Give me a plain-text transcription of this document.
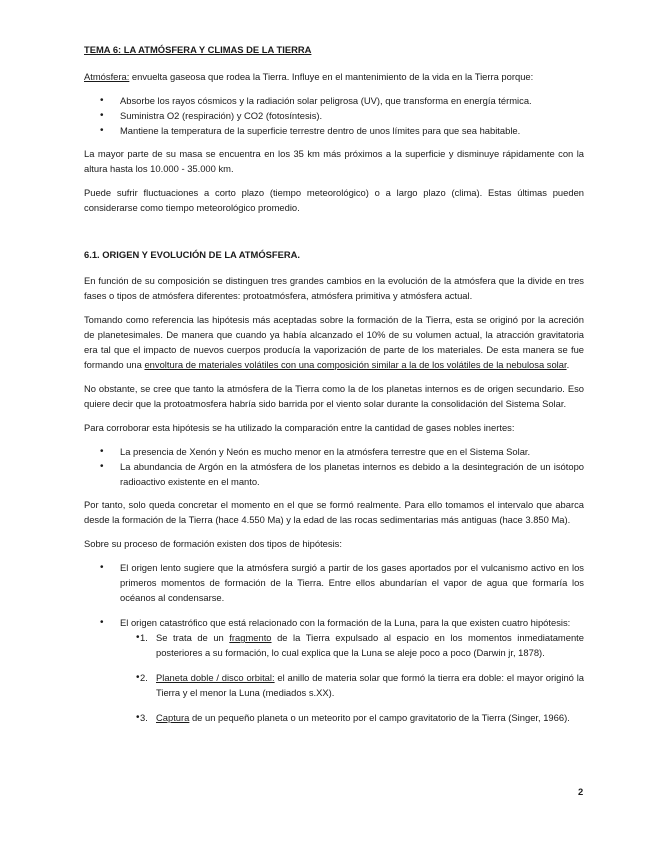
TEMA 6: LA ATMÓSFERA Y CLIMAS DE LA TIERRA

Atmósfera: envuelta gaseosa que rodea la Tierra. Influye en el mantenimiento de la vida en la Tierra porque:

• Absorbe los rayos cósmicos y la radiación solar peligrosa (UV), que transforma en energía térmica.
• Suministra O2 (respiración) y CO2 (fotosíntesis).
• Mantiene la temperatura de la superficie terrestre dentro de unos límites para que sea habitable.

La mayor parte de su masa se encuentra en los 35 km más próximos a la superficie y disminuye rápidamente con la altura hasta los 10.000 - 35.000 km.

Puede sufrir fluctuaciones a corto plazo (tiempo meteorológico) o a largo plazo (clima). Estas últimas pueden considerarse como tiempo meteorológico promedio.

6.1. ORIGEN Y EVOLUCIÓN DE LA ATMÓSFERA.

En función de su composición se distinguen tres grandes cambios en la evolución de la atmósfera que la divide en tres fases o tipos de atmósfera diferentes: protoatmósfera, atmósfera primitiva y atmósfera actual.

Tomando como referencia las hipótesis más aceptadas sobre la formación de la Tierra, esta se originó por la acreción de planetesimales. De manera que cuando ya había alcanzado el 10% de su volumen actual, la atracción gravitatoria era tal que el impacto de nuevos cuerpos producía la vaporización de parte de los materiales. De esta manera se fue formando una envoltura de materiales volátiles con una composición similar a la de los volátiles de la nebulosa solar.

No obstante, se cree que tanto la atmósfera de la Tierra como la de los planetas internos es de origen secundario. Eso quiere decir que la protoatmosfera habría sido barrida por el viento solar durante la consolidación del Sistema Solar.

Para corroborar esta hipótesis se ha utilizado la comparación entre la cantidad de gases nobles inertes:

• La presencia de Xenón y Neón es mucho menor en la atmósfera terrestre que en el Sistema Solar.
• La abundancia de Argón en la atmósfera de los planetas internos es debido a la desintegración de un isótopo radioactivo existente en el manto.

Por tanto, solo queda concretar el momento en el que se formó realmente. Para ello tomamos el intervalo que abarca desde la formación de la Tierra (hace 4.550 Ma) y la edad de las rocas sedimentarias más antiguas (hace 3.850 Ma).

Sobre su proceso de formación existen dos tipos de hipótesis:

• El origen lento sugiere que la atmósfera surgió a partir de los gases aportados por el vulcanismo activo en los primeros momentos de formación de la Tierra. Entre ellos abundarían el vapor de agua que formaría los océanos al condensarse.
• El origen catastrófico que está relacionado con la formación de la Luna, para la que existen cuatro hipótesis:
• 1. Se trata de un fragmento de la Tierra expulsado al espacio en los momentos inmediatamente posteriores a su formación, lo cual explica que la Luna se aleje poco a poco (Darwin jr, 1878).
• 2. Planeta doble / disco orbital: el anillo de materia solar que formó la tierra era doble: el mayor originó la Tierra y el menor la Luna (mediados s.XX).
• 3. Captura de un pequeño planeta o un meteorito por el campo gravitatorio de la Tierra (Singer, 1966).
2
